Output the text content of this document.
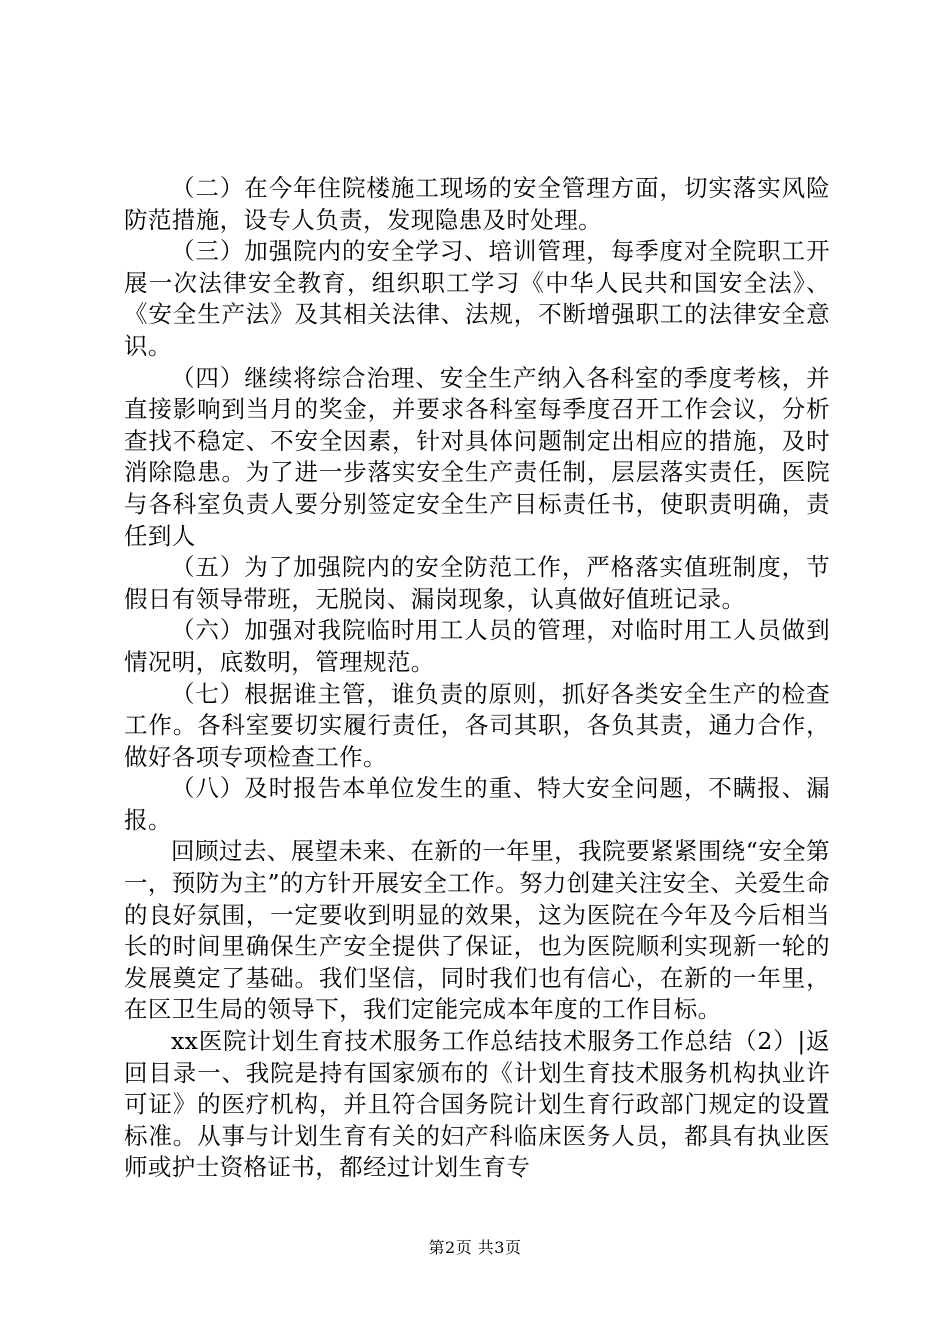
（二）在今年住院楼施工现场的安全管理方面，切实落实风险防范措施，设专人负责，发现隐患及时处理。

（三）加强院内的安全学习、培训管理，每季度对全院职工开展一次法律安全教育，组织职工学习《中华人民共和国安全法》、《安全生产法》及其相关法律、法规，不断增强职工的法律安全意识。

（四）继续将综合治理、安全生产纳入各科室的季度考核，并直接影响到当月的奖金，并要求各科室每季度召开工作会议，分析查找不稳定、不安全因素，针对具体问题制定出相应的措施，及时消除隐患。为了进一步落实安全生产责任制，层层落实责任，医院与各科室负责人要分别签定安全生产目标责任书，使职责明确，责任到人

（五）为了加强院内的安全防范工作，严格落实值班制度，节假日有领导带班，无脱岗、漏岗现象，认真做好值班记录。

（六）加强对我院临时用工人员的管理，对临时用工人员做到情况明，底数明，管理规范。

（七）根据谁主管，谁负责的原则，抓好各类安全生产的检查工作。各科室要切实履行责任，各司其职，各负其责，通力合作，做好各项专项检查工作。

（八）及时报告本单位发生的重、特大安全问题，不瞒报、漏报。

回顾过去、展望未来、在新的一年里，我院要紧紧围绕“安全第一，预防为主”的方针开展安全工作。努力创建关注安全、关爱生命的良好氛围，一定要收到明显的效果，这为医院在今年及今后相当长的时间里确保生产安全提供了保证，也为医院顺利实现新一轮的发展奠定了基础。我们坚信，同时我们也有信心，在新的一年里，在区卫生局的领导下，我们定能完成本年度的工作目标。

xx医院计划生育技术服务工作总结技术服务工作总结（2）|返回目录一、我院是持有国家颁布的《计划生育技术服务机构执业许可证》的医疗机构，并且符合国务院计划生育行政部门规定的设置标准。从事与计划生育有关的妇产科临床医务人员，都具有执业医师或护士资格证书，都经过计划生育专

第2页 共3页
